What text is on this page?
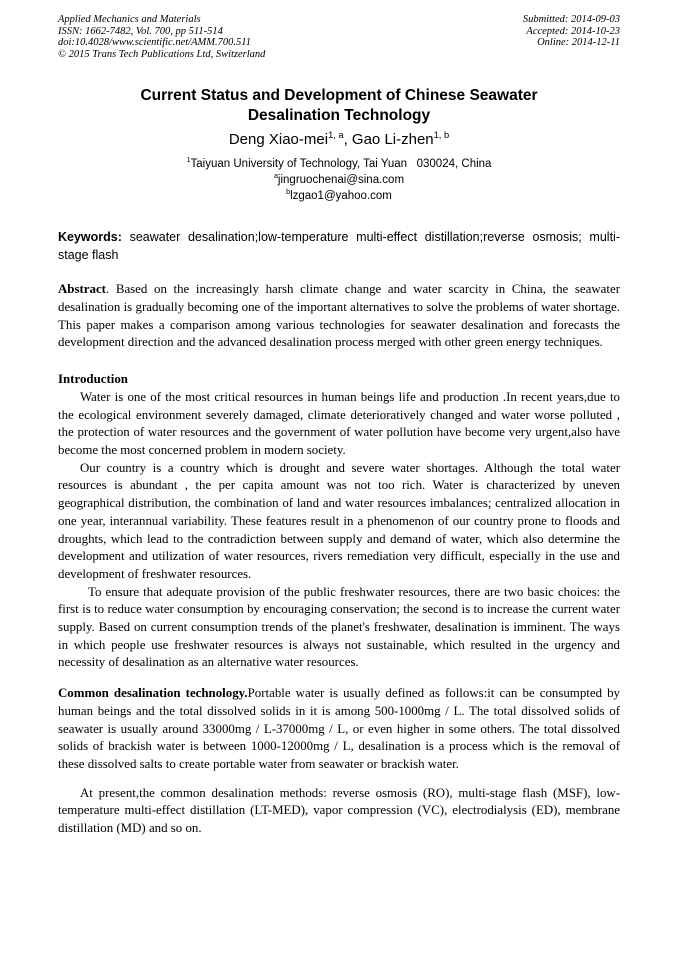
Applied Mechanics and Materials
ISSN: 1662-7482, Vol. 700, pp 511-514
doi:10.4028/www.scientific.net/AMM.700.511
© 2015 Trans Tech Publications Ltd, Switzerland
Submitted: 2014-09-03
Accepted: 2014-10-23
Online: 2014-12-11
Current Status and Development of Chinese Seawater Desalination Technology
Deng Xiao-mei$^{1, a}$, Gao Li-zhen$^{1, b}$
$^1$Taiyuan University of Technology, Tai Yuan   030024, China
$^a$jingruochenai@sina.com
$^b$lzgao1@yahoo.com

Keywords: seawater desalination;low-temperature multi-effect distillation;reverse osmosis; multi-stage flash

Abstract. Based on the increasingly harsh climate change and water scarcity in China, the seawater desalination is gradually becoming one of the important alternatives to solve the problems of water shortage. This paper makes a comparison among various technologies for seawater desalination and forecasts the development direction and the advanced desalination process merged with other green energy techniques.

Introduction

Water is one of the most critical resources in human beings life and production .In recent years,due to the ecological environment severely damaged, climate deterioratively changed and water worse polluted , the protection of water resources and the government of water pollution have become very urgent,also have become the most concerned problem in modern society.

Our country is a country which is drought and severe water shortages. Although the total water resources is abundant , the per capita amount was not too rich. Water is characterized by uneven geographical distribution, the combination of land and water resources imbalances; centralized allocation in one year, interannual variability. These features result in a phenomenon of our country prone to floods and droughts, which lead to the contradiction between supply and demand of water, which also determine the development and utilization of water resources, rivers remediation very difficult, especially in the use and development of freshwater resources.

To ensure that adequate provision of the public freshwater resources, there are two basic choices: the first is to reduce water consumption by encouraging conservation; the second is to increase the current water supply. Based on current consumption trends of the planet's freshwater, desalination is imminent. The ways in which people use freshwater resources is always not sustainable, which resulted in the urgency and necessity of desalination as an alternative water resources.

Common desalination technology.Portable water is usually defined as follows:it can be consumpted by human beings and the total dissolved solids in it is among 500-1000mg / L. The total dissolved solids of seawater is usually around 33000mg / L-37000mg / L, or even higher in some others. The total dissolved solids of brackish water is between 1000-12000mg / L, desalination is a process which is the removal of these dissolved salts to create portable water from seawater or brackish water.

At present,the common desalination methods: reverse osmosis (RO), multi-stage flash (MSF), low-temperature multi-effect distillation (LT-MED), vapor compression (VC), electrodialysis (ED), membrane distillation (MD) and so on.
